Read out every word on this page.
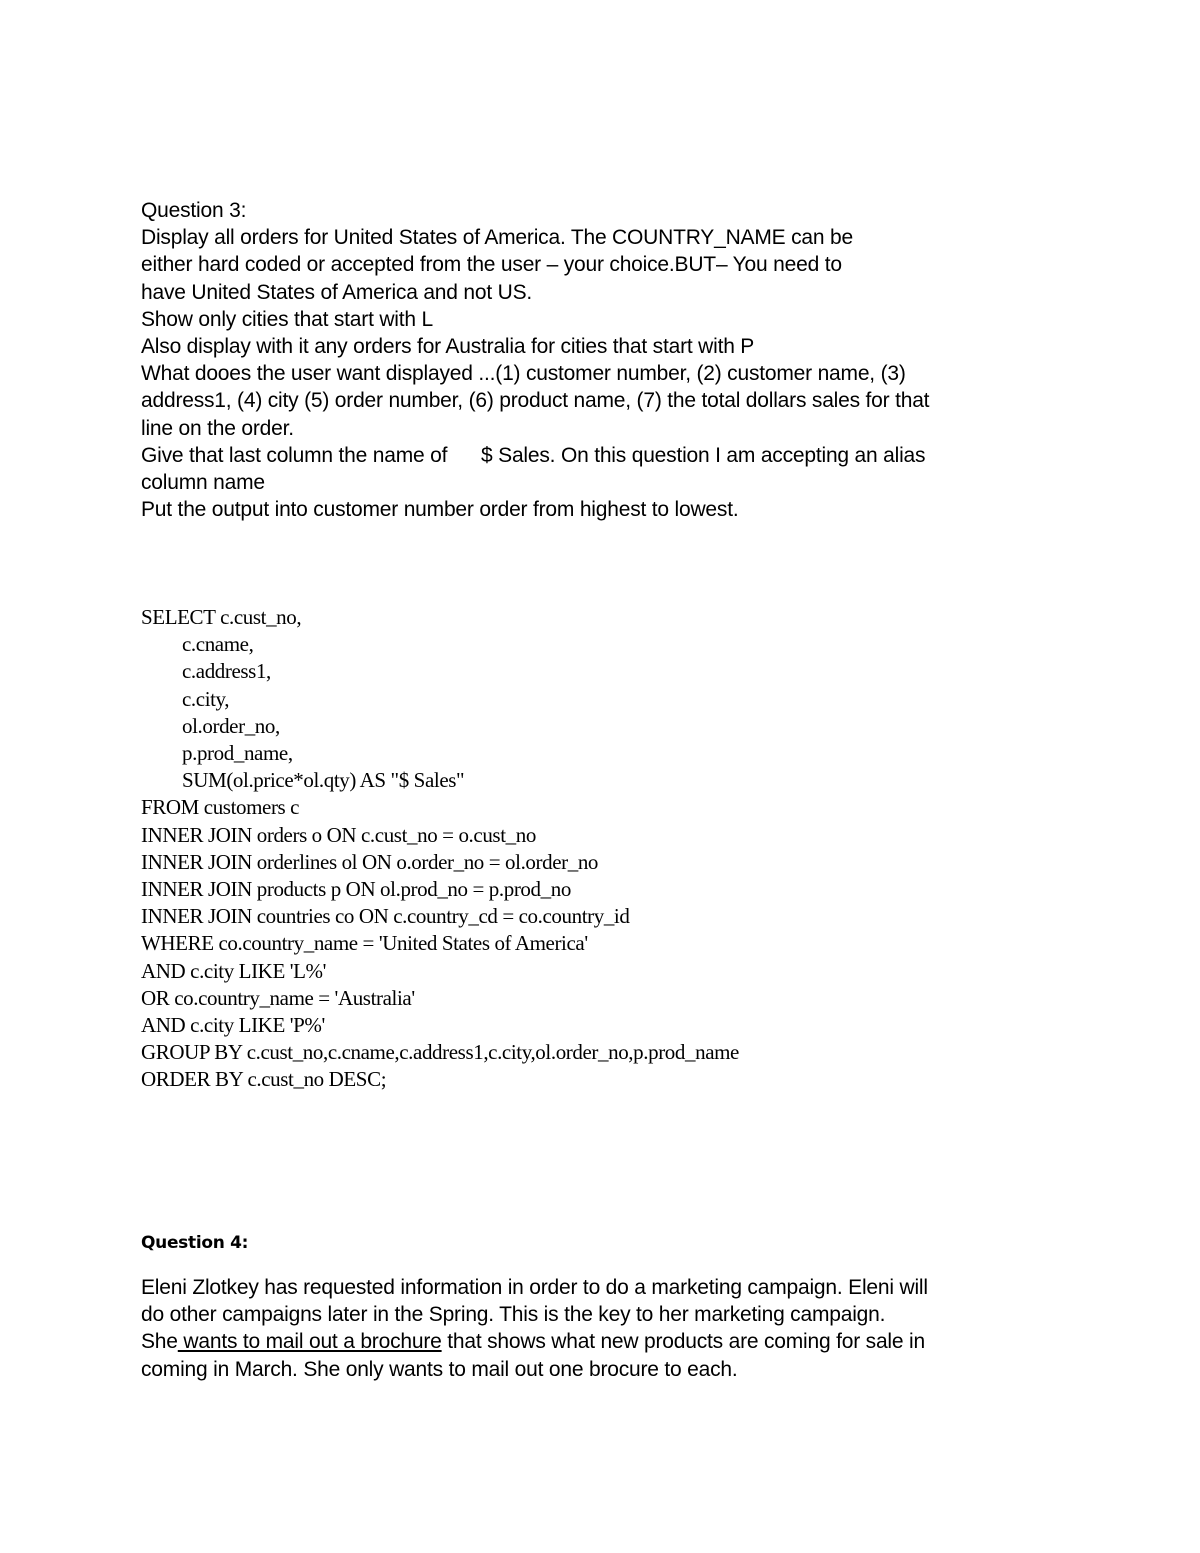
Question 3:
Display all orders for United States of America. The COUNTRY_NAME can be
either hard coded or accepted from the user – your choice.BUT– You need to
have United States of America and not US.
Show only cities that start with L
Also display with it any orders for Australia for cities that start with P
What dooes the user want displayed ...(1) customer number, (2) customer name, (3)
address1, (4) city (5) order number, (6) product name, (7) the total dollars sales for that
line on the order.
Give that last column the name of      $ Sales. On this question I am accepting an alias
column name
Put the output into customer number order from highest to lowest.
SELECT c.cust_no,
c.cname,
c.address1,
c.city,
ol.order_no,
p.prod_name,
SUM(ol.price*ol.qty) AS "$ Sales"
FROM customers c
INNER JOIN orders o ON c.cust_no = o.cust_no
INNER JOIN orderlines ol ON o.order_no = ol.order_no
INNER JOIN products p ON ol.prod_no = p.prod_no
INNER JOIN countries co ON c.country_cd = co.country_id
WHERE co.country_name = 'United States of America'
AND c.city LIKE 'L%'
OR co.country_name = 'Australia'
AND c.city LIKE 'P%'
GROUP BY c.cust_no,c.cname,c.address1,c.city,ol.order_no,p.prod_name
ORDER BY c.cust_no DESC;
Question 4:
Eleni Zlotkey has requested information in order to do a marketing campaign. Eleni will
do other campaigns later in the Spring. This is the key to her marketing campaign.
She wants to mail out a brochure that shows what new products are coming for sale in
coming in March. She only wants to mail out one brocure to each.
